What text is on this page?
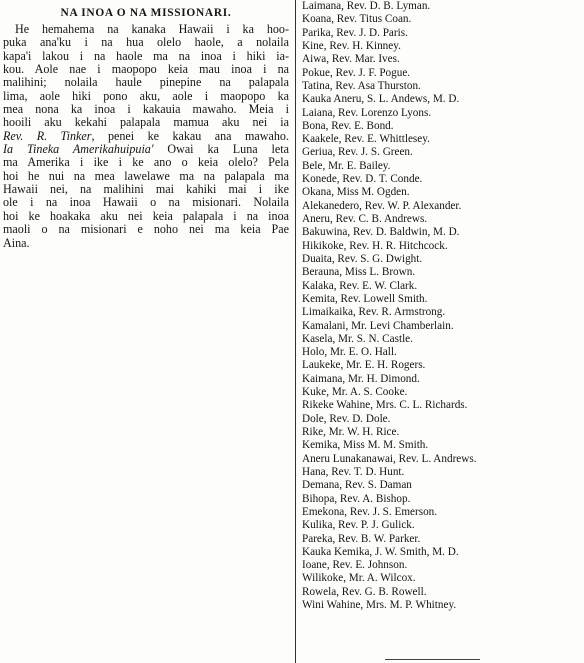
NA INOA O NA MISSIONARI.
He hemahema na kanaka Hawaii i ka hoo-
puka ana'ku i na hua olelo haole, a nolaila
kapa'i lakou i na haole ma na inoa i hiki ia-
kou. Aole nae i maopopo keia mau inoa i na
malihini; nolaila haule pinepine na palapala
lima, aole hiki pono aku, aole i maopopo ka
mea nona ka inoa i kakauia mawaho. Meia i
hooili aku kekahi palapala mamua aku nei ia
Rev. R. Tinker, penei ke kakau ana mawaho.
Ia Tineka Amerikahuipuia' Owai ka Luna leta
ma Amerika i ike i ke ano o keia olelo? Pela
hoi he nui na mea lawelawe ma na palapala ma
Hawaii nei, na malihini mai kahiki mai i ike
ole i na inoa Hawaii o na misionari. Nolaila
hoi ke hoakaka aku nei keia palapala i na inoa
maoli o na misionari e noho nei ma keia Pae
Aina.
Laimana, Rev. D. B. Lyman.
Koana, Rev. Titus Coan.
Parika, Rev. J. D. Paris.
Kine, Rev. H. Kinney.
Aiwa, Rev. Mar. Ives.
Pokue, Rev. J. F. Pogue.
Tatina, Rev. Asa Thurston.
Kauka Aneru, S. L. Andews, M. D.
Laiana, Rev. Lorenzo Lyons.
Bona, Rev. E. Bond.
Kaakele, Rev. E. Whittlesey.
Geriua, Rev. J. S. Green.
Bele, Mr. E. Bailey.
Konede, Rev. D. T. Conde.
Okana, Miss M. Ogden.
Alekanedero, Rev. W. P. Alexander.
Aneru, Rev. C. B. Andrews.
Bakuwina, Rev. D. Baldwin, M. D.
Hikikoke, Rev. H. R. Hitchcock.
Duaita, Rev. S. G. Dwight.
Berauna, Miss L. Brown.
Kalaka, Rev. E. W. Clark.
Kemita, Rev. Lowell Smith.
Limaikaika, Rev. R. Armstrong.
Kamalani, Mr. Levi Chamberlain.
Kasela, Mr. S. N. Castle.
Holo, Mr. E. O. Hall.
Laukeke, Mr. E. H. Rogers.
Kaimana, Mr. H. Dimond.
Kuke, Mr. A. S. Cooke.
Rikeke Wahine, Mrs. C. L. Richards.
Dole, Rev. D. Dole.
Rike, Mr. W. H. Rice.
Kemika, Miss M. M. Smith.
Aneru Lunakanawai, Rev. L. Andrews.
Hana, Rev. T. D. Hunt.
Demana, Rev. S. Daman
Bihopa, Rev. A. Bishop.
Emekona, Rev. J. S. Emerson.
Kulika, Rev. P. J. Gulick.
Pareka, Rev. B. W. Parker.
Kauka Kemika, J. W. Smith, M. D.
Ioane, Rev. E. Johnson.
Wilikoke, Mr. A. Wilcox.
Rowela, Rev. G. B. Rowell.
Wini Wahine, Mrs. M. P. Whitney.
